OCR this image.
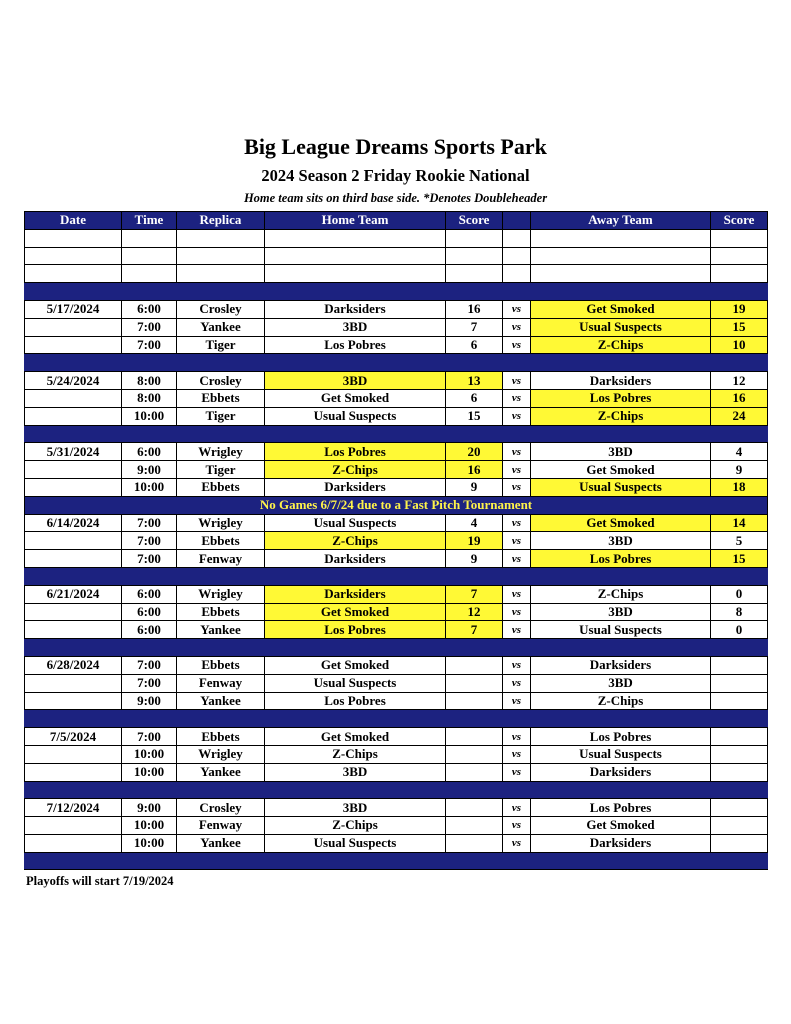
Big League Dreams Sports Park
2024 Season 2 Friday Rookie National
Home team sits on third base side. *Denotes Doubleheader
Date	Time	Replica	Home Team	Score		Away Team	Score

5/17/2024	6:00	Crosley	Darksiders	16	vs	Get Smoked	19
	7:00	Yankee	3BD	7	vs	Usual Suspects	15
	7:00	Tiger	Los Pobres	6	vs	Z-Chips	10

5/24/2024	8:00	Crosley	3BD	13	vs	Darksiders	12
	8:00	Ebbets	Get Smoked	6	vs	Los Pobres	16
	10:00	Tiger	Usual Suspects	15	vs	Z-Chips	24

5/31/2024	6:00	Wrigley	Los Pobres	20	vs	3BD	4
	9:00	Tiger	Z-Chips	16	vs	Get Smoked	9
	10:00	Ebbets	Darksiders	9	vs	Usual Suspects	18
No Games 6/7/24 due to a Fast Pitch Tournament							
6/14/2024	7:00	Wrigley	Usual Suspects	4	vs	Get Smoked	14
	7:00	Ebbets	Z-Chips	19	vs	3BD	5
	7:00	Fenway	Darksiders	9	vs	Los Pobres	15

6/21/2024	6:00	Wrigley	Darksiders	7	vs	Z-Chips	0
	6:00	Ebbets	Get Smoked	12	vs	3BD	8
	6:00	Yankee	Los Pobres	7	vs	Usual Suspects	0

6/28/2024	7:00	Ebbets	Get Smoked		vs	Darksiders	
	7:00	Fenway	Usual Suspects		vs	3BD	
	9:00	Yankee	Los Pobres		vs	Z-Chips	

7/5/2024	7:00	Ebbets	Get Smoked		vs	Los Pobres	
	10:00	Wrigley	Z-Chips		vs	Usual Suspects	
	10:00	Yankee	3BD		vs	Darksiders	

7/12/2024	9:00	Crosley	3BD		vs	Los Pobres	
	10:00	Fenway	Z-Chips		vs	Get Smoked	
	10:00	Yankee	Usual Suspects		vs	Darksiders	

Playoffs will start 7/19/2024
